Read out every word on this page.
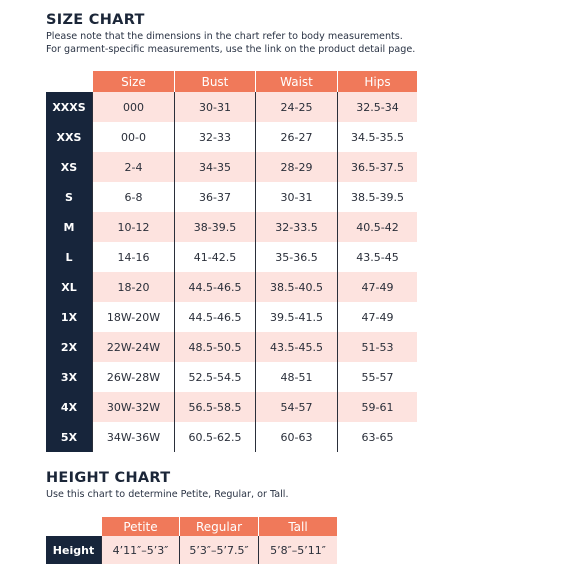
SIZE CHART

Please note that the dimensions in the chart refer to body measurements.

For garment-specific measurements, use the link on the product detail page.

	Size	Bust	Waist	Hips
XXXS	000	30-31	24-25	32.5-34
XXS	00-0	32-33	26-27	34.5-35.5
XS	2-4	34-35	28-29	36.5-37.5
S	6-8	36-37	30-31	38.5-39.5
M	10-12	38-39.5	32-33.5	40.5-42
L	14-16	41-42.5	35-36.5	43.5-45
XL	18-20	44.5-46.5	38.5-40.5	47-49
1X	18W-20W	44.5-46.5	39.5-41.5	47-49
2X	22W-24W	48.5-50.5	43.5-45.5	51-53
3X	26W-28W	52.5-54.5	48-51	55-57
4X	30W-32W	56.5-58.5	54-57	59-61
5X	34W-36W	60.5-62.5	60-63	63-65
HEIGHT CHART

Use this chart to determine Petite, Regular, or Tall.

	Petite	Regular	Tall
Height	4’11″–5’3″	5’3″–5’7.5″	5’8″–5’11″
